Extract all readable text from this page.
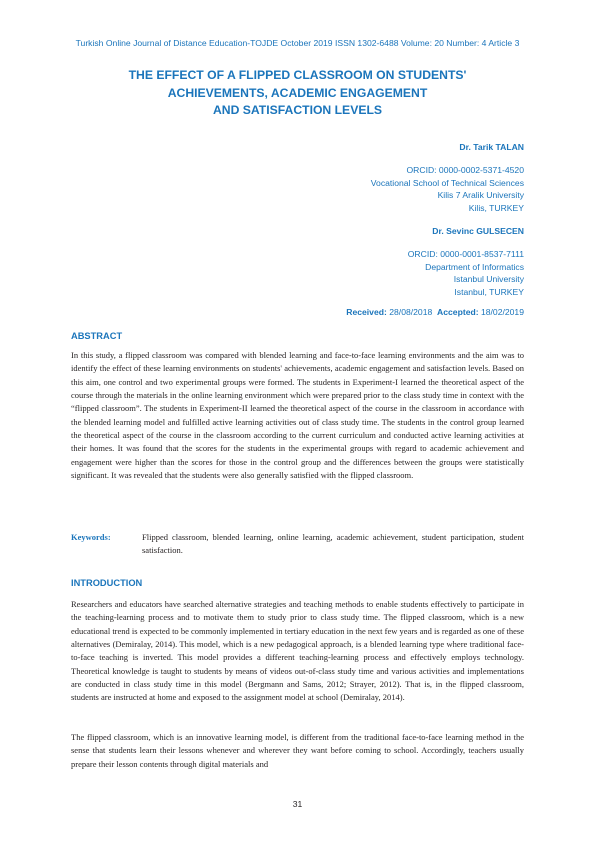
Turkish Online Journal of Distance Education-TOJDE October 2019 ISSN 1302-6488 Volume: 20 Number: 4 Article 3
THE EFFECT OF A FLIPPED CLASSROOM ON STUDENTS'
ACHIEVEMENTS, ACADEMIC ENGAGEMENT
AND SATISFACTION LEVELS
Dr. Tarik TALAN
ORCID: 0000-0002-5371-4520
Vocational School of Technical Sciences
Kilis 7 Aralik University
Kilis, TURKEY
Dr. Sevinc GULSECEN
ORCID: 0000-0001-8537-7111
Department of Informatics
Istanbul University
Istanbul, TURKEY
Received: 28/08/2018 Accepted: 18/02/2019
ABSTRACT
In this study, a flipped classroom was compared with blended learning and face-to-face learning environments and the aim was to identify the effect of these learning environments on students' achievements, academic engagement and satisfaction levels. Based on this aim, one control and two experimental groups were formed. The students in Experiment-I learned the theoretical aspect of the course through the materials in the online learning environment which were prepared prior to the class study time in context with the “flipped classroom”. The students in Experiment-II learned the theoretical aspect of the course in the classroom in accordance with the blended learning model and fulfilled active learning activities out of class study time. The students in the control group learned the theoretical aspect of the course in the classroom according to the current curriculum and conducted active learning activities at their homes. It was found that the scores for the students in the experimental groups with regard to academic achievement and engagement were higher than the scores for those in the control group and the differences between the groups were statistically significant. It was revealed that the students were also generally satisfied with the flipped classroom.
Keywords:	Flipped classroom, blended learning, online learning, academic achievement, student participation, student satisfaction.
INTRODUCTION
Researchers and educators have searched alternative strategies and teaching methods to enable students effectively to participate in the teaching-learning process and to motivate them to study prior to class study time. The flipped classroom, which is a new educational trend is expected to be commonly implemented in tertiary education in the next few years and is regarded as one of these alternatives (Demiralay, 2014). This model, which is a new pedagogical approach, is a blended learning type where traditional face-to-face teaching is inverted. This model provides a different teaching-learning process and effectively employs technology. Theoretical knowledge is taught to students by means of videos out-of-class study time and various activities and implementations are conducted in class study time in this model (Bergmann and Sams, 2012; Strayer, 2012). That is, in the flipped classroom, students are instructed at home and exposed to the assignment model at school (Demiralay, 2014).
The flipped classroom, which is an innovative learning model, is different from the traditional face-to-face learning method in the sense that students learn their lessons whenever and wherever they want before coming to school. Accordingly, teachers usually prepare their lesson contents through digital materials and
31
